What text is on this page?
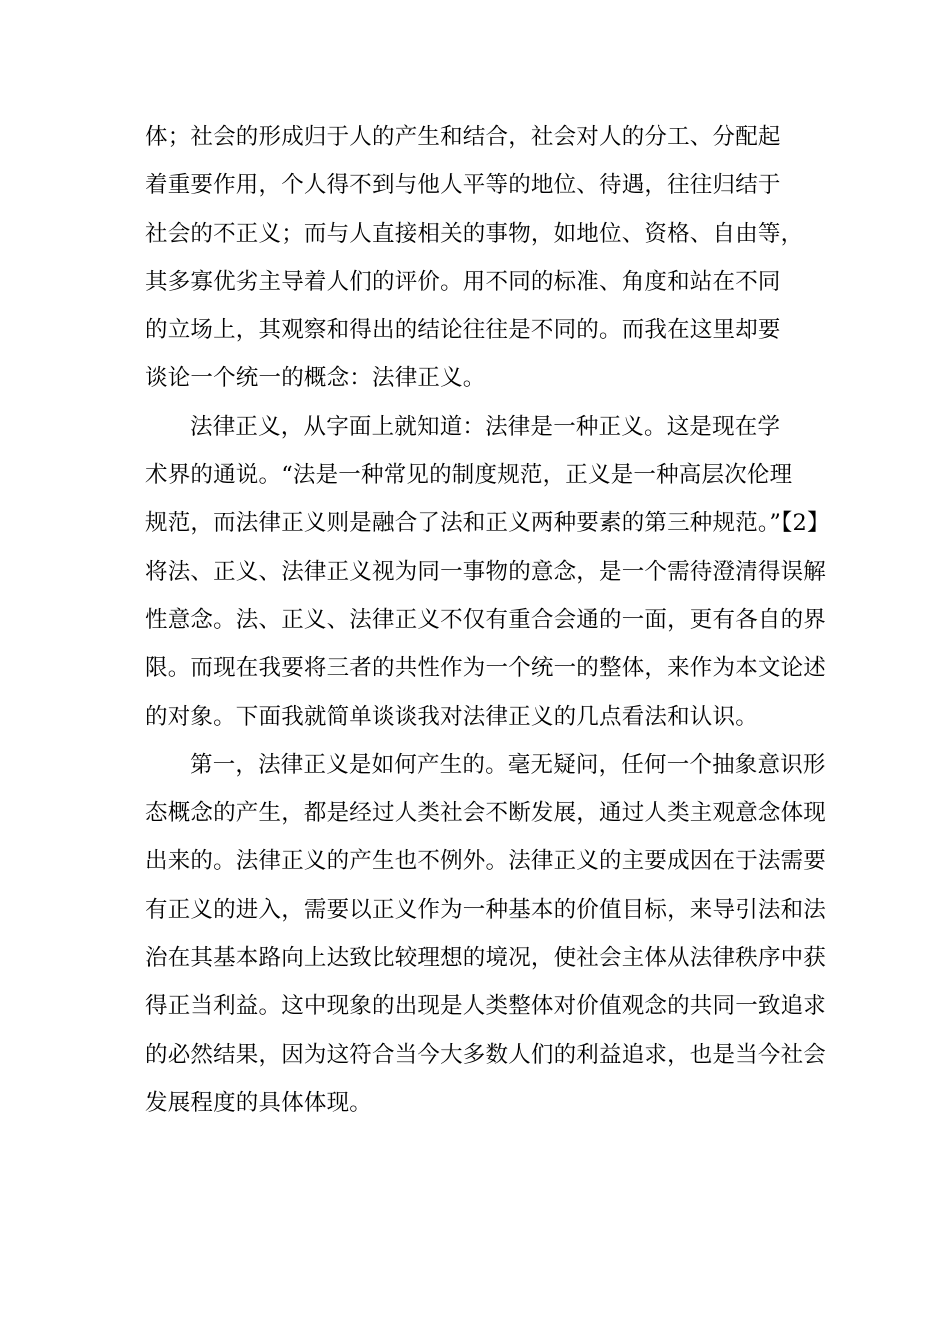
体；社会的形成归于人的产生和结合，社会对人的分工、分配起
着重要作用，个人得不到与他人平等的地位、待遇，往往归结于
社会的不正义；而与人直接相关的事物，如地位、资格、自由等，
其多寡优劣主导着人们的评价。用不同的标准、角度和站在不同
的立场上，其观察和得出的结论往往是不同的。而我在这里却要
谈论一个统一的概念：法律正义。

法律正义，从字面上就知道：法律是一种正义。这是现在学
术界的通说。“法是一种常见的制度规范，正义是一种高层次伦理
规范，而法律正义则是融合了法和正义两种要素的第三种规范。”【2】
将法、正义、法律正义视为同一事物的意念，是一个需待澄清得误解
性意念。法、正义、法律正义不仅有重合会通的一面，更有各自的界
限。而现在我要将三者的共性作为一个统一的整体，来作为本文论述
的对象。下面我就简单谈谈我对法律正义的几点看法和认识。

第一，法律正义是如何产生的。毫无疑问，任何一个抽象意识形
态概念的产生，都是经过人类社会不断发展，通过人类主观意念体现
出来的。法律正义的产生也不例外。法律正义的主要成因在于法需要
有正义的进入，需要以正义作为一种基本的价值目标，来导引法和法
治在其基本路向上达致比较理想的境况，使社会主体从法律秩序中获
得正当利益。这中现象的出现是人类整体对价值观念的共同一致追求
的必然结果，因为这符合当今大多数人们的利益追求，也是当今社会
发展程度的具体体现。
